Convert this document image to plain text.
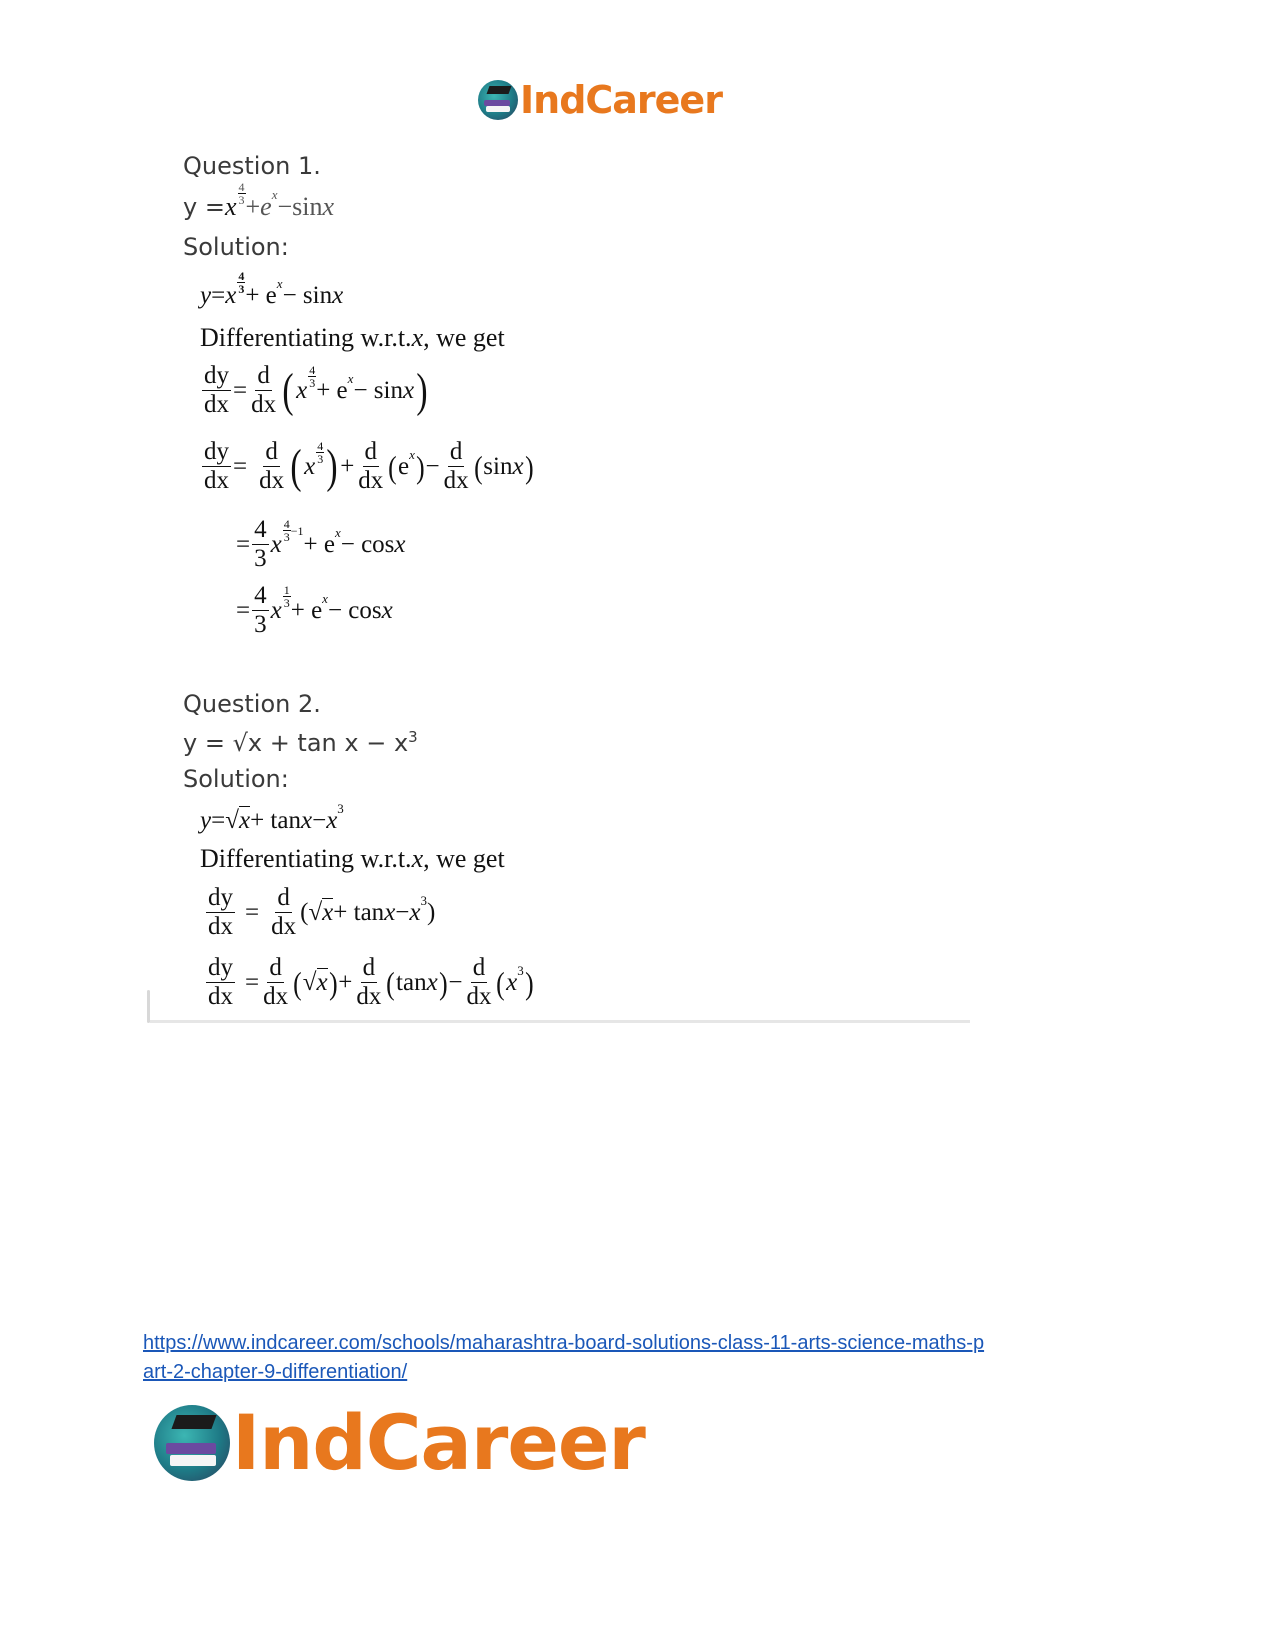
IndCareer
Question 1.
y = x
4
3 + e x − sin x
Solution:
y = x
4
3 + e x − sin x
Differentiating w.r.t. x , we get
$\frac{dy}{dx} = \frac{d}{dx}$ ( x
4
3 + e x − sin x )
$\frac{dy}{dx} = \frac{d}{dx}$ ( x
4
3 ) + $\frac{d}{dx}$ ( e x ) − $\frac{d}{dx}$ ( sin x )
= $\frac{4}{3}$ x
4
3 −1 + e x − cos x
= $\frac{4}{3}$ x
1
3 + e x − cos x
Question 2.
$y = √x + \tan x - x^3$
Solution:
y = √ x + tan x − x 3
Differentiating w.r.t. x , we get
$\frac{dy}{dx} = \frac{d}{dx}$ ( √ x + tan x − x 3 )
$\frac{dy}{dx} = \frac{d}{dx}$ ( √ x ) + $\frac{d}{dx}$ ( tan x ) − $\frac{d}{dx}$ ( x 3 )
https://www.indcareer.com/schools/maharashtra-board-solutions-class-11-arts-science-maths-p
art-2-chapter-9-differentiation/
IndCareer
